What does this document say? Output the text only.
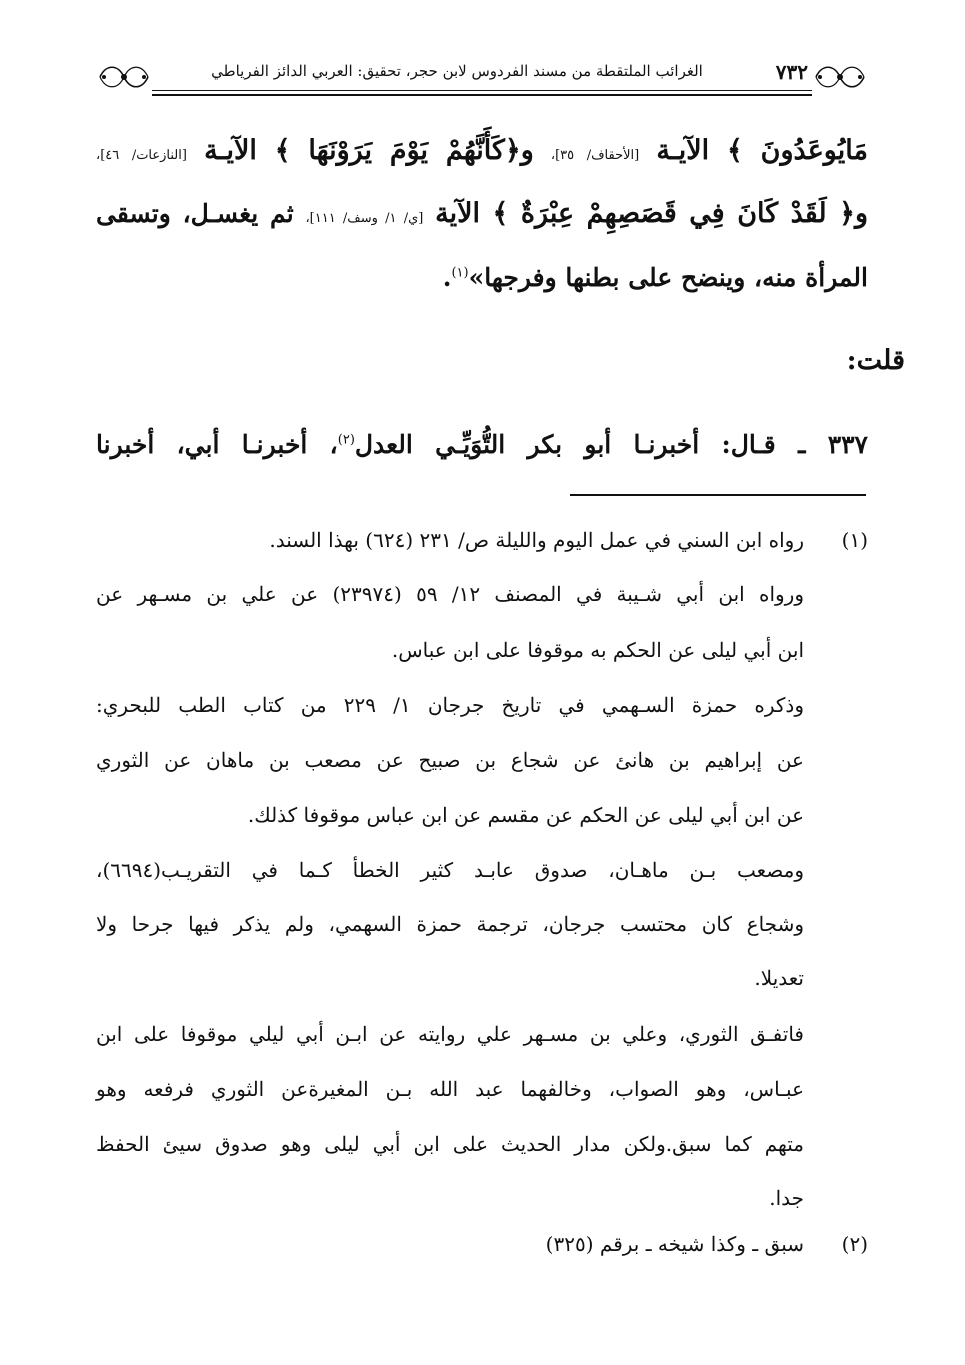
الغرائب الملتقطة من مسند الفردوس لابن حجر، تحقيق: العربي الدائز الفرياطي	٧٣٢
مَايُوعَدُونَ ﴾ الآيـة [الأحقاف/ ٣٥]، و﴿كَأَنَّهُمْ يَوْمَ يَرَوْنَهَا ﴾ الآيـة [النازعات/ ٤٦]،
و﴿ لَقَدْ كَانَ فِي قَصَصِهِمْ عِبْرَةٌ ﴾ الآية [ي/ ١/ وسف/ ١١١]، ثم يغسـل، وتسقى
المرأة منه، وينضح على بطنها وفرجها»$^{(١)}$.
٣٣٧ ـ قـال: أخبرنـا أبو بكر التُّوَيِّـي العدل$^{(٢)}$، أخبرنـا أبي، أخبرنا
قلت:
(١)
رواه ابن السني في عمل اليوم والليلة ص/ ٢٣١ (٦٢٤) بهذا السند.
ورواه ابن أبي شـيبة في المصنف ١٢/ ٥٩ (٢٣٩٧٤) عن علي بن مسـهر عن
ابن أبي ليلى عن الحكم به موقوفا على ابن عباس.
وذكره حمزة السـهمي في تاريخ جرجان ١/ ٢٢٩ من كتاب الطب للبحري:
عن إبراهيم بن هانئ عن شجاع بن صبيح عن مصعب بن ماهان عن الثوري
عن ابن أبي ليلى عن الحكم عن مقسم عن ابن عباس موقوفا كذلك.
ومصعب بـن ماهـان، صدوق عابـد كثير الخطأ كـما في التقريـب(٦٦٩٤)،
وشجاع كان محتسب جرجان، ترجمة حمزة السهمي، ولم يذكر فيها جرحا ولا
تعديلا.
فاتفـق الثوري، وعلي بن مسـهر علي روايته عن ابـن أبي ليلي موقوفا على ابن
عبـاس، وهو الصواب، وخالفهما عبد الله بـن المغيرةعن الثوري فرفعه وهو
متهم كما سبق.ولكن مدار الحديث على ابن أبي ليلى وهو صدوق سيئ الحفظ
جدا.
(٢)
سبق ـ وكذا شيخه ـ برقم (٣٢٥)
